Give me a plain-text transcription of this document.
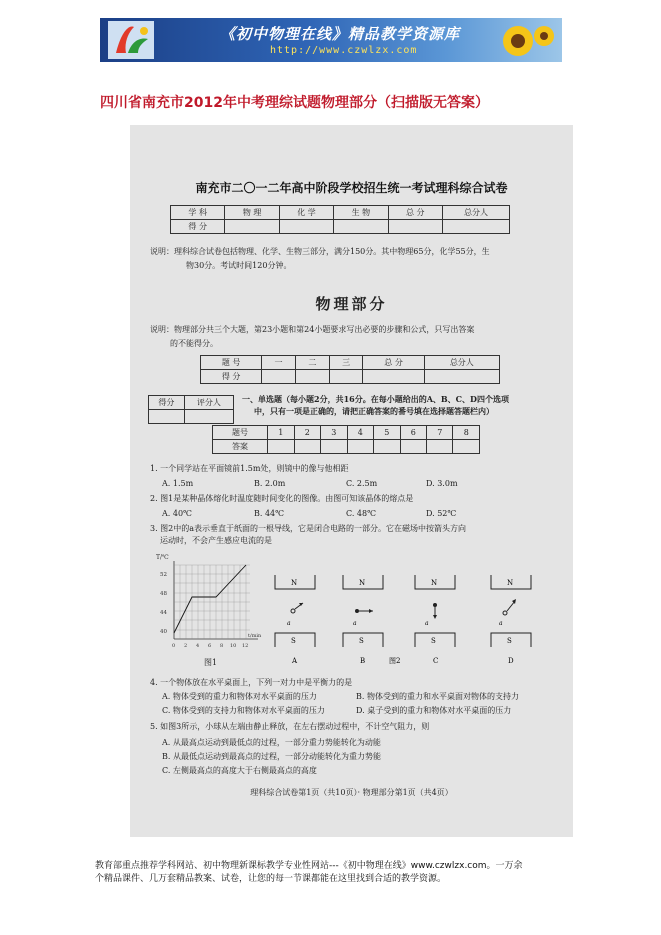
《初中物理在线》精品教学资源库
http://www.czwlzx.com
四川省南充市2012年中考理综试题物理部分（扫描版无答案）
南充市二〇一二年高中阶段学校招生统一考试理科综合试卷
学 科	物 理	化 学	生 物	总 分	总分人
得 分					
说明：理科综合试卷包括物理、化学、生物三部分，满分150分。其中物理65分，化学55分，生
物30分。考试时间120分钟。
物理部分
说明：物理部分共三个大题，第23小题和第24小题要求写出必要的步骤和公式，只写出答案
的不能得分。
题 号	一	二	三	总 分	总分人
得 分					
得分	评分人
		一、单选题（每小题2分，共16分。在每小题给出的A、B、C、D四个选项
中，只有一项是正确的，请把正确答案的番号填在选择题答题栏内）
题号	1	2	3	4	5	6	7	8
答案								
1. 一个同学站在平面镜前1.5m处，则镜中的像与他相距
A. 1.5m	B. 2.0m	C. 2.5m	D. 3.0m
2. 图1是某种晶体熔化时温度随时间变化的图像。由图可知该晶体的熔点是
A. 40℃	B. 44℃	C. 48℃	D. 52℃
3. 图2中的a表示垂直于纸面的一根导线，它是闭合电路的一部分。它在磁场中按箭头方向
运动时，不会产生感应电流的是
T/℃
52
48
44
40
0 2 4 6 8 10 12
t/min
图1
N
a
S
N
a
S
N
a
S
N
a
S
A	B	C	D
图2
4. 一个物体放在水平桌面上，下列一对力中是平衡力的是
A. 物体受到的重力和物体对水平桌面的压力	B. 物体受到的重力和水平桌面对物体的支持力
C. 物体受到的支持力和物体对水平桌面的压力	D. 桌子受到的重力和物体对水平桌面的压力
5. 如图3所示，小球从左端由静止释放，在左右摆动过程中，不计空气阻力，则
A. 从最高点运动到最低点的过程，一部分重力势能转化为动能
B. 从最低点运动到最高点的过程，一部分动能转化为重力势能
C. 左侧最高点的高度大于右侧最高点的高度
理科综合试卷第1页（共10页）· 物理部分第1页（共4页）
教育部重点推荐学科网站、初中物理新课标教学专业性网站---《初中物理在线》www.czwlzx.com。一万余
个精品课件、几万套精品教案、试卷，让您的每一节课都能在这里找到合适的教学资源。
